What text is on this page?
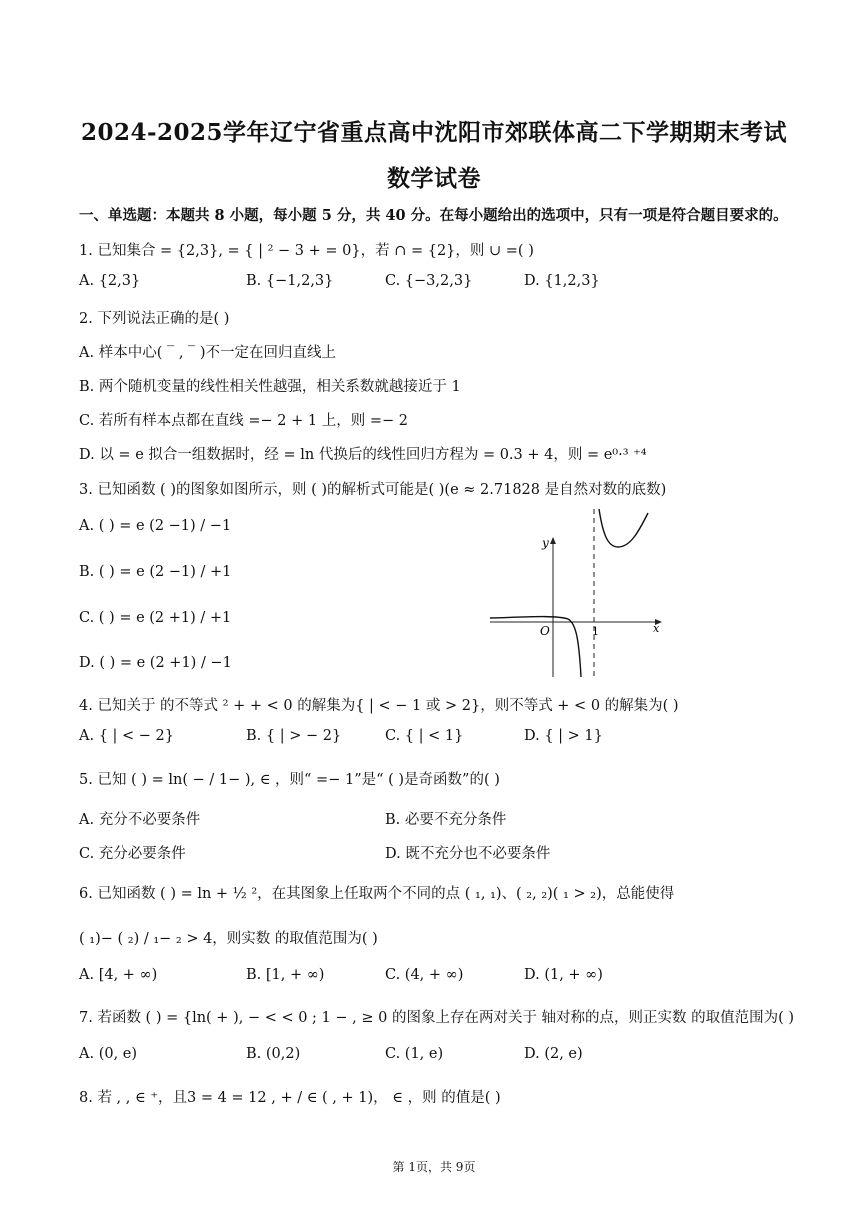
2024-2025学年辽宁省重点高中沈阳市郊联体高二下学期期末考试
数学试卷
一、单选题：本题共 8 小题，每小题 5 分，共 40 分。在每小题给出的选项中，只有一项是符合题目要求的。
1. 已知集合 = {2,3}, = { | ² − 3 + = 0}，若 ∩ = {2}，则 ∪ =( )
A. {2,3}	B. {−1,2,3}	C. {−3,2,3}	D. {1,2,3}
2. 下列说法正确的是( )
A. 样本中心( ‾ , ‾ )不一定在回归直线上
B. 两个随机变量的线性相关性越强，相关系数就越接近于 1
C. 若所有样本点都在直线 =− 2 + 1 上，则 =− 2
D. 以 = e 拟合一组数据时，经 = ln 代换后的线性回归方程为 = 0.3 + 4，则 = e⁰·³ ⁺⁴
3. 已知函数 ( )的图象如图所示，则 ( )的解析式可能是( )(e ≈ 2.71828 是自然对数的底数)
A. ( ) = e (2 −1) / −1
B. ( ) = e (2 −1) / +1
C. ( ) = e (2 +1) / +1
D. ( ) = e (2 +1) / −1
y
x
O	1
4. 已知关于 的不等式 ² + + < 0 的解集为{ | < − 1 或 > 2}，则不等式 + < 0 的解集为( )
A. { | < − 2}	B. { | > − 2}	C. { | < 1}	D. { | > 1}
5. 已知 ( ) = ln( − / 1− ), ∈ ，则“ =− 1”是“ ( )是奇函数”的( )
A. 充分不必要条件	B. 必要不充分条件
C. 充分必要条件	D. 既不充分也不必要条件
6. 已知函数 ( ) = ln + ½ ²，在其图象上任取两个不同的点 ( ₁, ₁)、( ₂, ₂)( ₁ > ₂)，总能使得
( ₁)− ( ₂) / ₁− ₂ > 4，则实数 的取值范围为( )
A. [4, + ∞)	B. [1, + ∞)	C. (4, + ∞)	D. (1, + ∞)
7. 若函数 ( ) = {ln( + ), − < < 0 ; 1 − , ≥ 0 的图象上存在两对关于 轴对称的点，则正实数 的取值范围为( )
A. (0, e)	B. (0,2)	C. (1, e)	D. (2, e)
8. 若 , , ∈ ⁺，且3 = 4 = 12 , + / ∈ ( , + 1)， ∈ ，则 的值是( )
第 1页，共 9页
